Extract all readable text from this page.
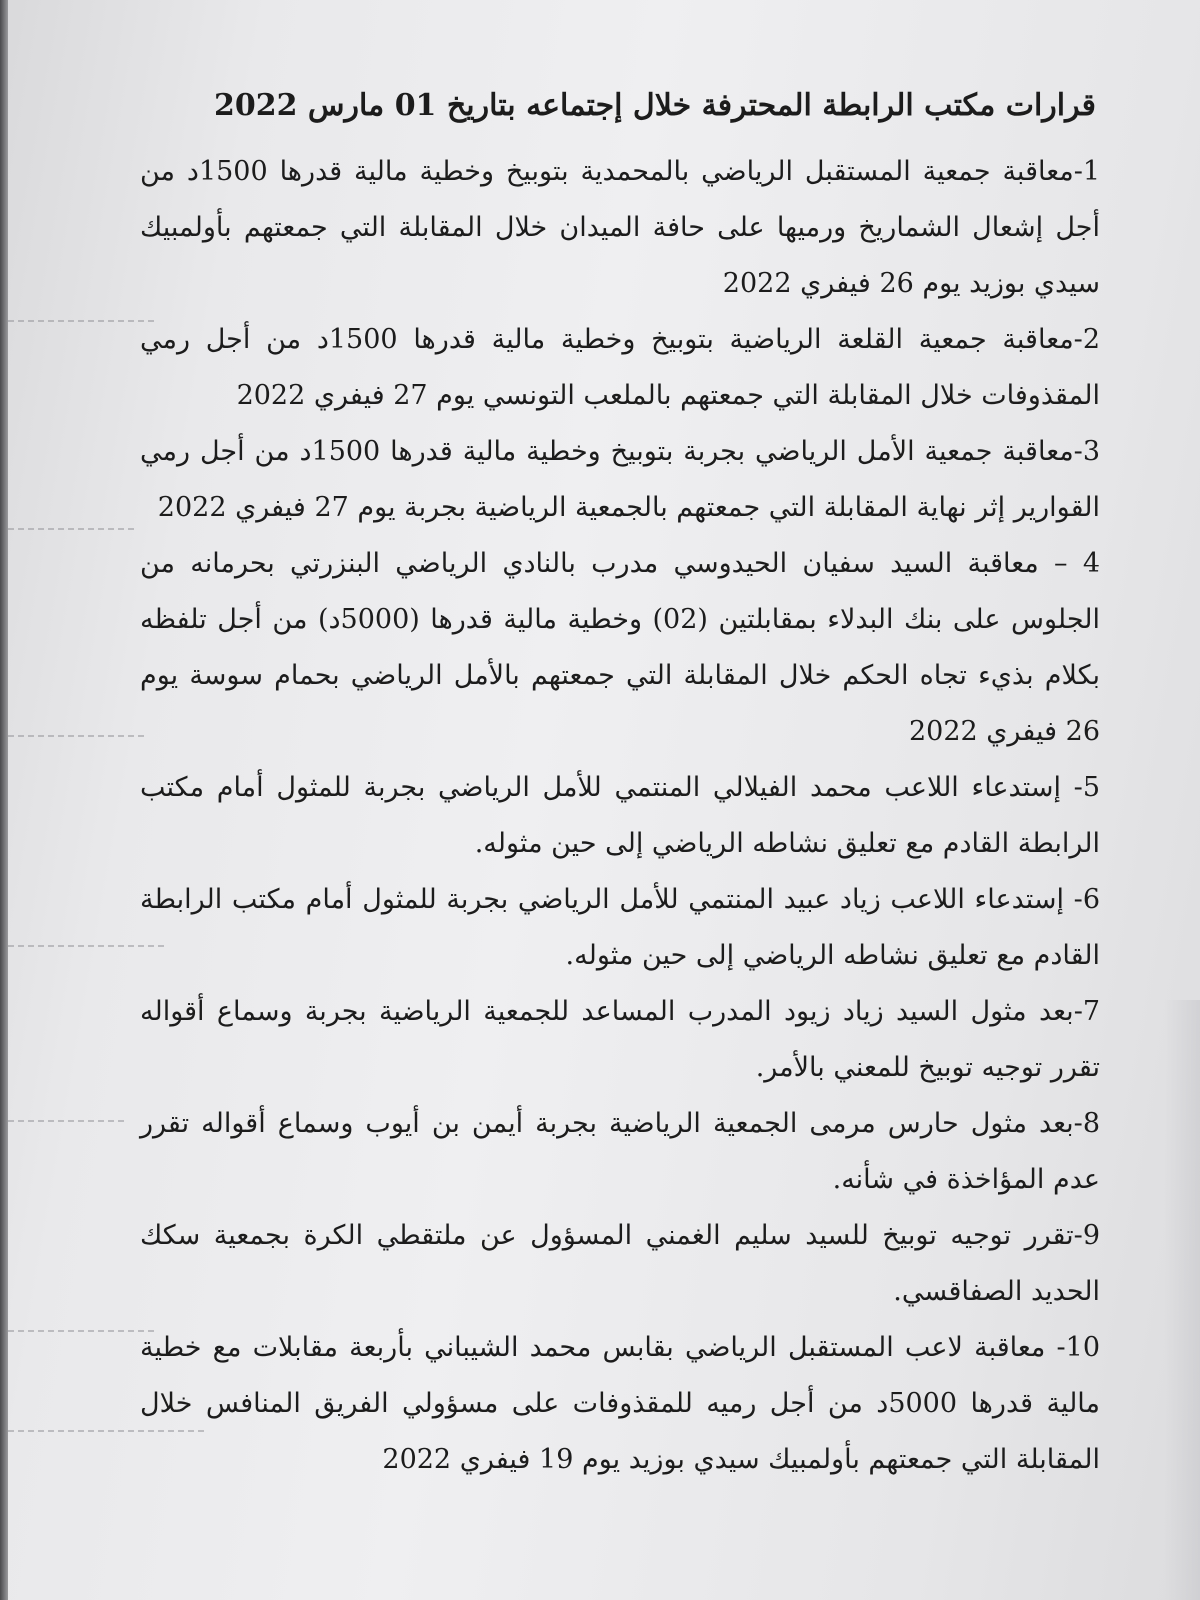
قرارات مكتب الرابطة المحترفة خلال إجتماعه بتاريخ 01 مارس 2022

1-معاقبة جمعية المستقبل الرياضي بالمحمدية بتوبيخ وخطية مالية قدرها 1500د من أجل إشعال الشماريخ ورميها على حافة الميدان خلال المقابلة التي جمعتهم بأولمبيك سيدي بوزيد يوم 26 فيفري 2022

2-معاقبة جمعية القلعة الرياضية بتوبيخ وخطية مالية قدرها 1500د من أجل رمي المقذوفات خلال المقابلة التي جمعتهم بالملعب التونسي يوم 27 فيفري 2022

3-معاقبة جمعية الأمل الرياضي بجربة بتوبيخ وخطية مالية قدرها 1500د من أجل رمي القوارير إثر نهاية المقابلة التي جمعتهم بالجمعية الرياضية بجربة يوم 27 فيفري 2022

4 – معاقبة السيد سفيان الحيدوسي مدرب بالنادي الرياضي البنزرتي بحرمانه من الجلوس على بنك البدلاء بمقابلتين (02) وخطية مالية قدرها (5000د) من أجل تلفظه بكلام بذيء تجاه الحكم خلال المقابلة التي جمعتهم بالأمل الرياضي بحمام سوسة يوم 26 فيفري 2022

5- إستدعاء اللاعب محمد الفيلالي المنتمي للأمل الرياضي بجربة للمثول أمام مكتب الرابطة القادم مع تعليق نشاطه الرياضي إلى حين مثوله.

6- إستدعاء اللاعب زياد عبيد المنتمي للأمل الرياضي بجربة للمثول أمام مكتب الرابطة القادم مع تعليق نشاطه الرياضي إلى حين مثوله.

7-بعد مثول السيد زياد زيود المدرب المساعد للجمعية الرياضية بجربة وسماع أقواله تقرر توجيه توبيخ للمعني بالأمر.

8-بعد مثول حارس مرمى الجمعية الرياضية بجربة أيمن بن أيوب وسماع أقواله تقرر عدم المؤاخذة في شأنه.

9-تقرر توجيه توبيخ للسيد سليم الغمني المسؤول عن ملتقطي الكرة بجمعية سكك الحديد الصفاقسي.

10- معاقبة لاعب المستقبل الرياضي بقابس محمد الشيباني بأربعة مقابلات مع خطية مالية قدرها 5000د من أجل رميه للمقذوفات على مسؤولي الفريق المنافس خلال المقابلة التي جمعتهم بأولمبيك سيدي بوزيد يوم 19 فيفري 2022
